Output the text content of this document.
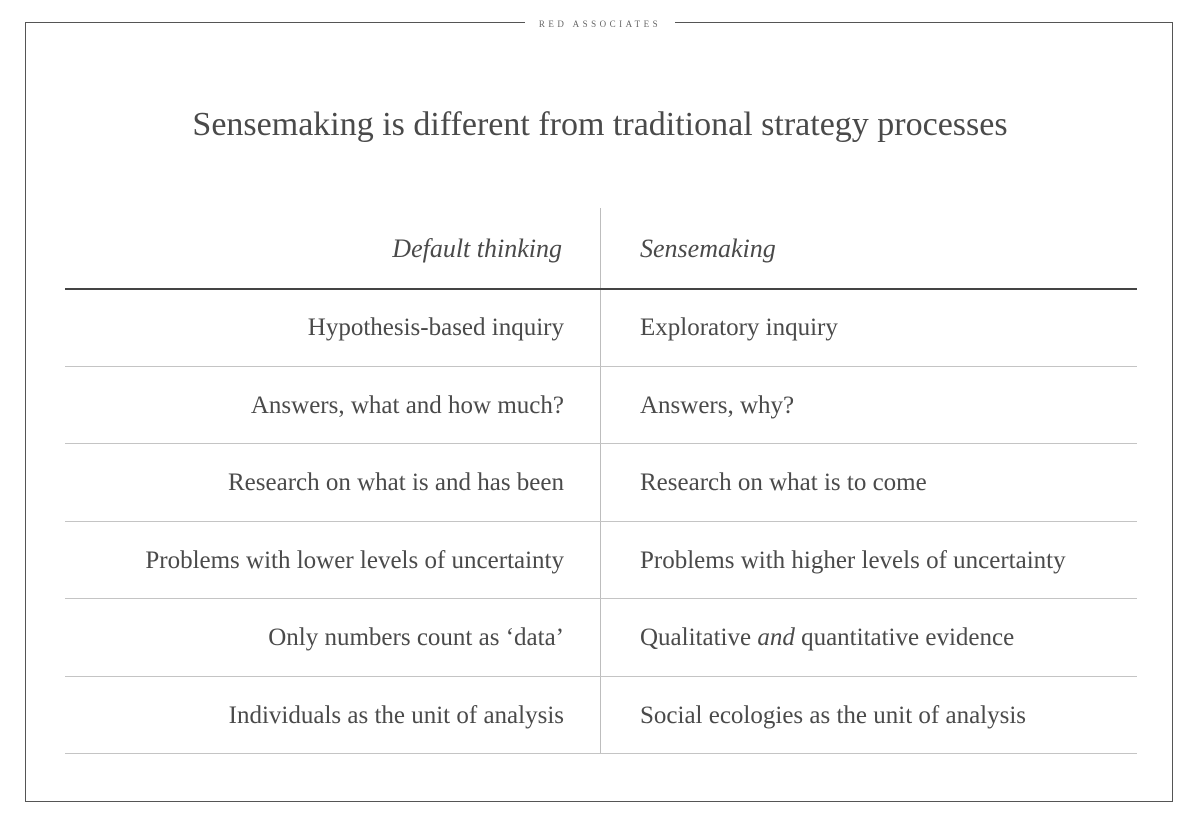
RED ASSOCIATES
Sensemaking is different from traditional strategy processes
Default thinking	Sensemaking
Hypothesis-based inquiry	Exploratory inquiry
Answers, what and how much?	Answers, why?
Research on what is and has been	Research on what is to come
Problems with lower levels of uncertainty	Problems with higher levels of uncertainty
Only numbers count as ‘data’	Qualitative and quantitative evidence
Individuals as the unit of analysis	Social ecologies as the unit of analysis
